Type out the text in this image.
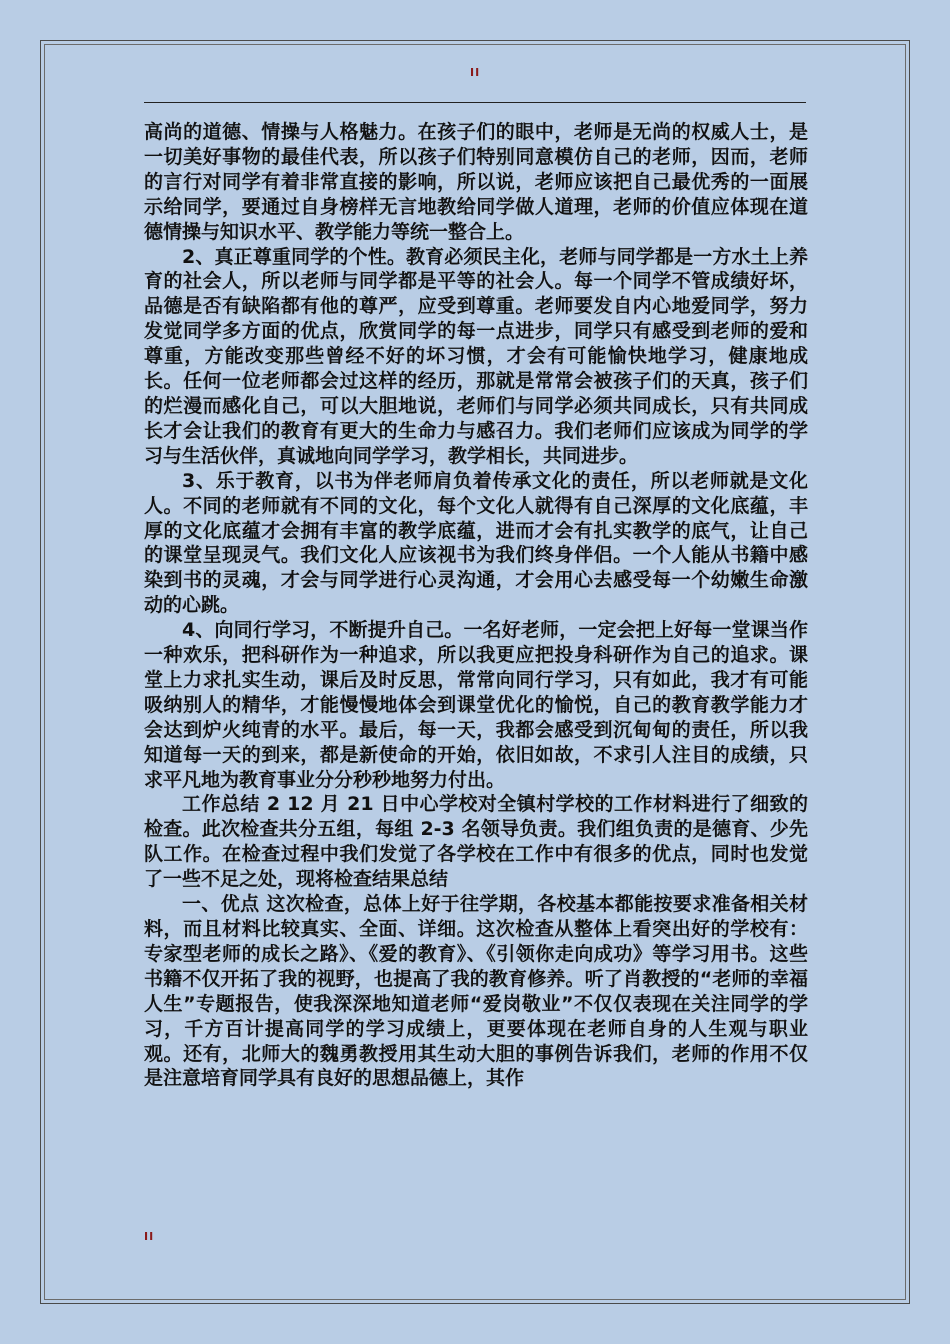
II

高尚的道德、情操与人格魅力。在孩子们的眼中，老师是无尚的权威人士，是一切美好事物的最佳代表，所以孩子们特别同意模仿自己的老师，因而，老师的言行对同学有着非常直接的影响，所以说，老师应该把自己最优秀的一面展示给同学，要通过自身榜样无言地教给同学做人道理，老师的价值应体现在道德情操与知识水平、教学能力等统一整合上。

2、真正尊重同学的个性。教育必须民主化，老师与同学都是一方水土上养育的社会人，所以老师与同学都是平等的社会人。每一个同学不管成绩好坏，品德是否有缺陷都有他的尊严，应受到尊重。老师要发自内心地爱同学，努力发觉同学多方面的优点，欣赏同学的每一点进步，同学只有感受到老师的爱和尊重，方能改变那些曾经不好的坏习惯，才会有可能愉快地学习，健康地成长。任何一位老师都会过这样的经历，那就是常常会被孩子们的天真，孩子们的烂漫而感化自己，可以大胆地说，老师们与同学必须共同成长，只有共同成长才会让我们的教育有更大的生命力与感召力。我们老师们应该成为同学的学习与生活伙伴，真诚地向同学学习，教学相长，共同进步。

3、乐于教育，以书为伴老师肩负着传承文化的责任，所以老师就是文化人。不同的老师就有不同的文化，每个文化人就得有自己深厚的文化底蕴，丰厚的文化底蕴才会拥有丰富的教学底蕴，进而才会有扎实教学的底气，让自己的课堂呈现灵气。我们文化人应该视书为我们终身伴侣。一个人能从书籍中感染到书的灵魂，才会与同学进行心灵沟通，才会用心去感受每一个幼嫩生命激动的心跳。

4、向同行学习，不断提升自己。一名好老师，一定会把上好每一堂课当作一种欢乐，把科研作为一种追求，所以我更应把投身科研作为自己的追求。课堂上力求扎实生动，课后及时反思，常常向同行学习，只有如此，我才有可能吸纳别人的精华，才能慢慢地体会到课堂优化的愉悦，自己的教育教学能力才会达到炉火纯青的水平。最后，每一天，我都会感受到沉甸甸的责任，所以我知道每一天的到来，都是新使命的开始，依旧如故，不求引人注目的成绩，只求平凡地为教育事业分分秒秒地努力付出。

工作总结 2 12 月 21 日中心学校对全镇村学校的工作材料进行了细致的检查。此次检查共分五组，每组 2-3 名领导负责。我们组负责的是德育、少先队工作。在检查过程中我们发觉了各学校在工作中有很多的优点，同时也发觉了一些不足之处，现将检查结果总结

一、优点 这次检查，总体上好于往学期，各校基本都能按要求准备相关材料，而且材料比较真实、全面、详细。这次检查从整体上看突出好的学校有：专家型老师的成长之路》、《爱的教育》、《引领你走向成功》等学习用书。这些书籍不仅开拓了我的视野，也提高了我的教育修养。听了肖教授的“老师的幸福人生”专题报告，使我深深地知道老师“爱岗敬业”不仅仅表现在关注同学的学习，千方百计提高同学的学习成绩上，更要体现在老师自身的人生观与职业观。还有，北师大的魏勇教授用其生动大胆的事例告诉我们，老师的作用不仅是注意培育同学具有良好的思想品德上，其作

II
